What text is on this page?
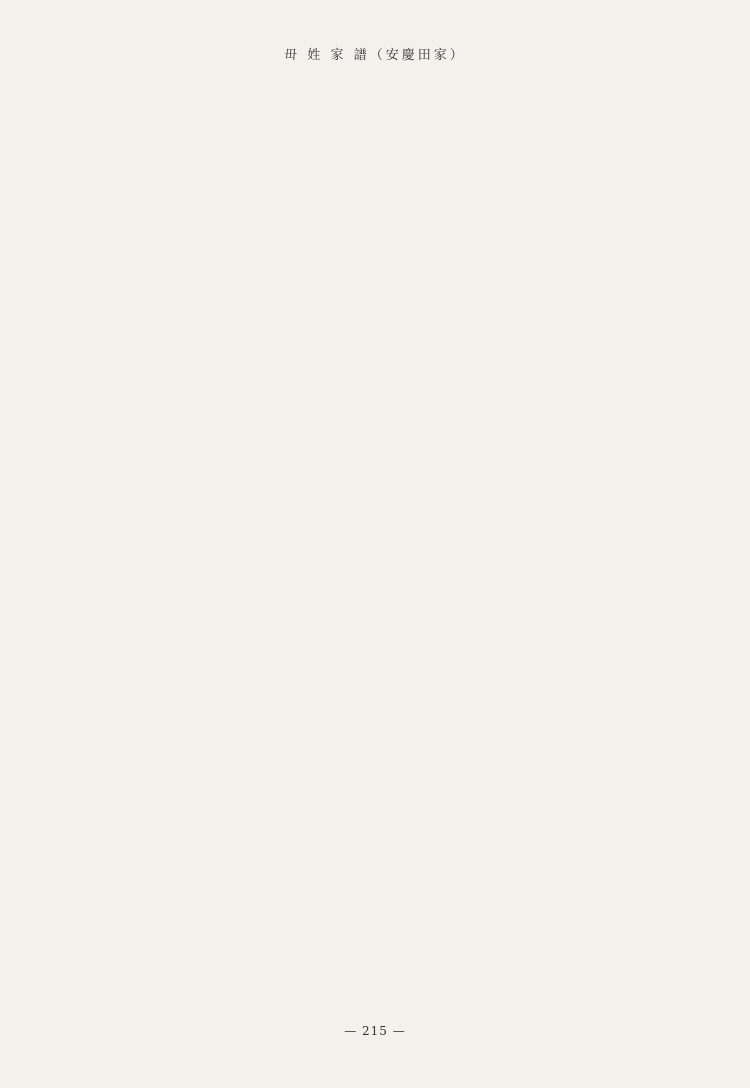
毌 姓 家 譜（安慶田家）
— 215 —
